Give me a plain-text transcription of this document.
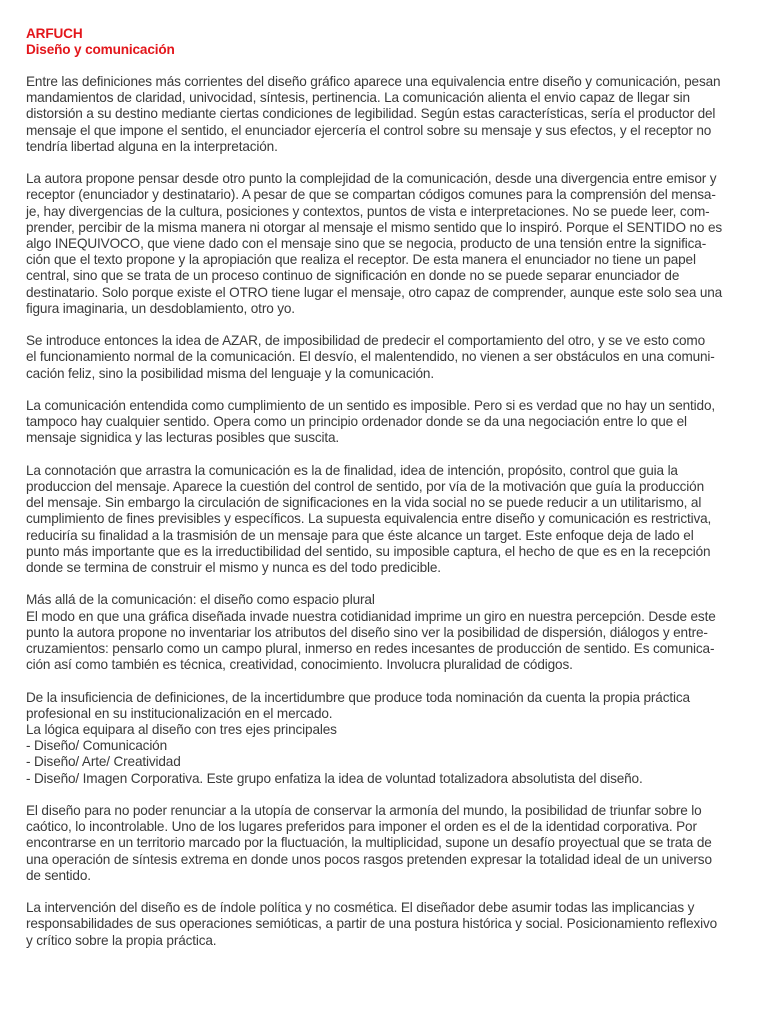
ARFUCH
Diseño y comunicación

Entre las definiciones más corrientes del diseño gráfico aparece una equivalencia entre diseño y comunicación, pesan
mandamientos de claridad, univocidad, síntesis, pertinencia. La comunicación alienta el envio capaz de llegar sin
distorsión a su destino mediante ciertas condiciones de legibilidad. Según estas características, sería el productor del
mensaje el que impone el sentido, el enunciador ejercería el control sobre su mensaje y sus efectos, y el receptor no
tendría libertad alguna en la interpretación.

La autora propone pensar desde otro punto la complejidad de la comunicación, desde una divergencia entre emisor y
receptor (enunciador y destinatario). A pesar de que se compartan códigos comunes para la comprensión del mensa-
je, hay divergencias de la cultura, posiciones y contextos, puntos de vista e interpretaciones. No se puede leer, com-
prender, percibir de la misma manera ni otorgar al mensaje el mismo sentido que lo inspiró. Porque el SENTIDO no es
algo INEQUIVOCO, que viene dado con el mensaje sino que se negocia, producto de una tensión entre la significa-
ción que el texto propone y la apropiación que realiza el receptor. De esta manera el enunciador no tiene un papel
central, sino que se trata de un proceso continuo de significación en donde no se puede separar enunciador de
destinatario. Solo porque existe el OTRO tiene lugar el mensaje, otro capaz de comprender, aunque este solo sea una
figura imaginaria, un desdoblamiento, otro yo.

Se introduce entonces la idea de AZAR, de imposibilidad de predecir el comportamiento del otro, y se ve esto como
el funcionamiento normal de la comunicación. El desvío, el malentendido, no vienen a ser obstáculos en una comuni-
cación feliz, sino la posibilidad misma del lenguaje y la comunicación.

La comunicación entendida como cumplimiento de un sentido es imposible. Pero si es verdad que no hay un sentido,
tampoco hay cualquier sentido. Opera como un principio ordenador donde se da una negociación entre lo que el
mensaje signidica y las lecturas posibles que suscita.

La connotación que arrastra la comunicación es la de finalidad, idea de intención, propósito, control que guia la
produccion del mensaje. Aparece la cuestión del control de sentido, por vía de la motivación que guía la producción
del mensaje. Sin embargo la circulación de significaciones en la vida social no se puede reducir a un utilitarismo, al
cumplimiento de fines previsibles y específicos. La supuesta equivalencia entre diseño y comunicación es restrictiva,
reduciría su finalidad a la trasmisión de un mensaje para que éste alcance un target. Este enfoque deja de lado el
punto más importante que es la irreductibilidad del sentido, su imposible captura, el hecho de que es en la recepción
donde se termina de construir el mismo y nunca es del todo predicible.

Más allá de la comunicación: el diseño como espacio plural

El modo en que una gráfica diseñada invade nuestra cotidianidad imprime un giro en nuestra percepción. Desde este
punto la autora propone no inventariar los atributos del diseño sino ver la posibilidad de dispersión, diálogos y entre-
cruzamientos: pensarlo como un campo plural, inmerso en redes incesantes de producción de sentido. Es comunica-
ción así como también es técnica, creatividad, conocimiento. Involucra pluralidad de códigos.

De la insuficiencia de definiciones, de la incertidumbre que produce toda nominación da cuenta la propia práctica
profesional en su institucionalización en el mercado.

La lógica equipara al diseño con tres ejes principales

- Diseño/ Comunicación

- Diseño/ Arte/ Creatividad

- Diseño/ Imagen Corporativa. Este grupo enfatiza la idea de voluntad totalizadora absolutista del diseño.

El diseño para no poder renunciar a la utopía de conservar la armonía del mundo, la posibilidad de triunfar sobre lo
caótico, lo incontrolable. Uno de los lugares preferidos para imponer el orden es el de la identidad corporativa. Por
encontrarse en un territorio marcado por la fluctuación, la multiplicidad, supone un desafío proyectual que se trata de
una operación de síntesis extrema en donde unos pocos rasgos pretenden expresar la totalidad ideal de un universo
de sentido.

La intervención del diseño es de índole política y no cosmética. El diseñador debe asumir todas las implicancias y
responsabilidades de sus operaciones semióticas, a partir de una postura histórica y social. Posicionamiento reflexivo
y crítico sobre la propia práctica.
